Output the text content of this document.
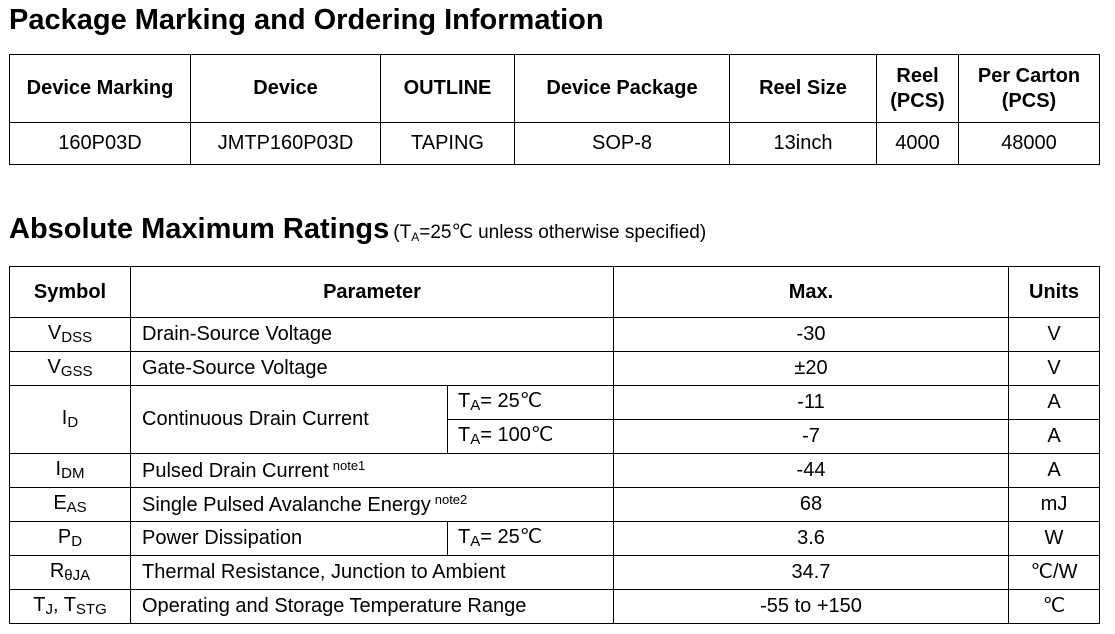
Package Marking and Ordering Information
Device Marking	Device	OUTLINE	Device Package	Reel Size	Reel (PCS)	Per Carton (PCS)
160P03D	JMTP160P03D	TAPING	SOP-8	13inch	4000	48000
Absolute Maximum Ratings ($T_A=25℃$ unless otherwise specified)
Symbol	Parameter		Max.	Units
$V_{DSS}$	Drain-Source Voltage		-30	V
$V_{GSS}$	Gate-Source Voltage		±20	V
$I_D$	Continuous Drain Current	$T_A=$ 25℃	-11	A
		$T_A=$ 100℃	-7	A
$I_{DM}$	Pulsed Drain Current $^{note1}$		-44	A
$E_{AS}$	Single Pulsed Avalanche Energy $^{note2}$		68	mJ
$P_D$	Power Dissipation	$T_A=$ 25℃	3.6	W
$R_{\theta JA}$	Thermal Resistance, Junction to Ambient		34.7	℃/W
$T_J$, $T_{STG}$	Operating and Storage Temperature Range		-55 to +150	℃
